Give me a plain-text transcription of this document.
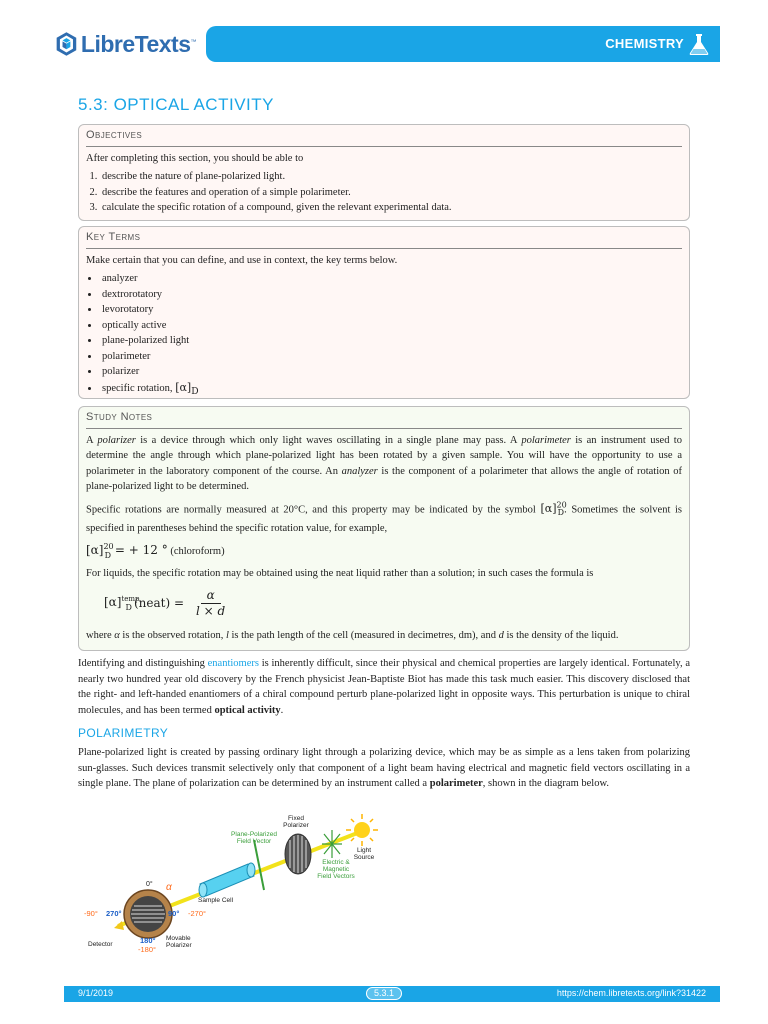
LibreTexts™	CHEMISTRY
5.3: OPTICAL ACTIVITY
Objectives

After completing this section, you should be able to

1. describe the nature of plane-polarized light.
2. describe the features and operation of a simple polarimeter.
3. calculate the specific rotation of a compound, given the relevant experimental data.
Key Terms

Make certain that you can define, and use in context, the key terms below.

• analyzer
• dextrorotatory
• levorotatory
• optically active
• plane-polarized light
• polarimeter
• polarizer
• specific rotation, $[\alpha]_D$
Study Notes

A polarizer is a device through which only light waves oscillating in a single plane may pass. A polarimeter is an instrument used to determine the angle through which plane-polarized light has been rotated by a given sample. You will have the opportunity to use a polarimeter in the laboratory component of the course. An analyzer is the component of a polarimeter that allows the angle of rotation of plane-polarized light to be determined.

Specific rotations are normally measured at 20°C, and this property may be indicated by the symbol $[\alpha]^{20}_D$. Sometimes the solvent is specified in parentheses behind the specific rotation value, for example,

$[\alpha]^{20}_D$ = + 12 ° (chloroform)

For liquids, the specific rotation may be obtained using the neat liquid rather than a solution; in such cases the formula is

$[\alpha]^{temp}_D$ (neat) = $\frac{\alpha}{l \times d}$

where α is the observed rotation, l is the path length of the cell (measured in decimetres, dm), and d is the density of the liquid.

Identifying and distinguishing enantiomers is inherently difficult, since their physical and chemical properties are largely identical. Fortunately, a nearly two hundred year old discovery by the French physicist Jean-Baptiste Biot has made this task much easier. This discovery disclosed that the right- and left-handed enantiomers of a chiral compound perturb plane-polarized light in opposite ways. This perturbation is unique to chiral molecules, and has been termed optical activity.
POLARIMETRY
Plane-polarized light is created by passing ordinary light through a polarizing device, which may be as simple as a lens taken from polarizing sun-glasses. Such devices transmit selectively only that component of a light beam having electrical and magnetic field vectors oscillating in a single plane. The plane of polarization can be determined by an instrument called a polarimeter, shown in the diagram below.
Fixed Polarizer
Plane-Polarized Field Vector
Light Source
Electric & Magnetic Field Vectors
Sample Cell
α
0°
90° -270°
-90° 270°
180°
-180°
Detector
Movable Polarizer
9/1/2019	5.3.1	https://chem.libretexts.org/link?31422
